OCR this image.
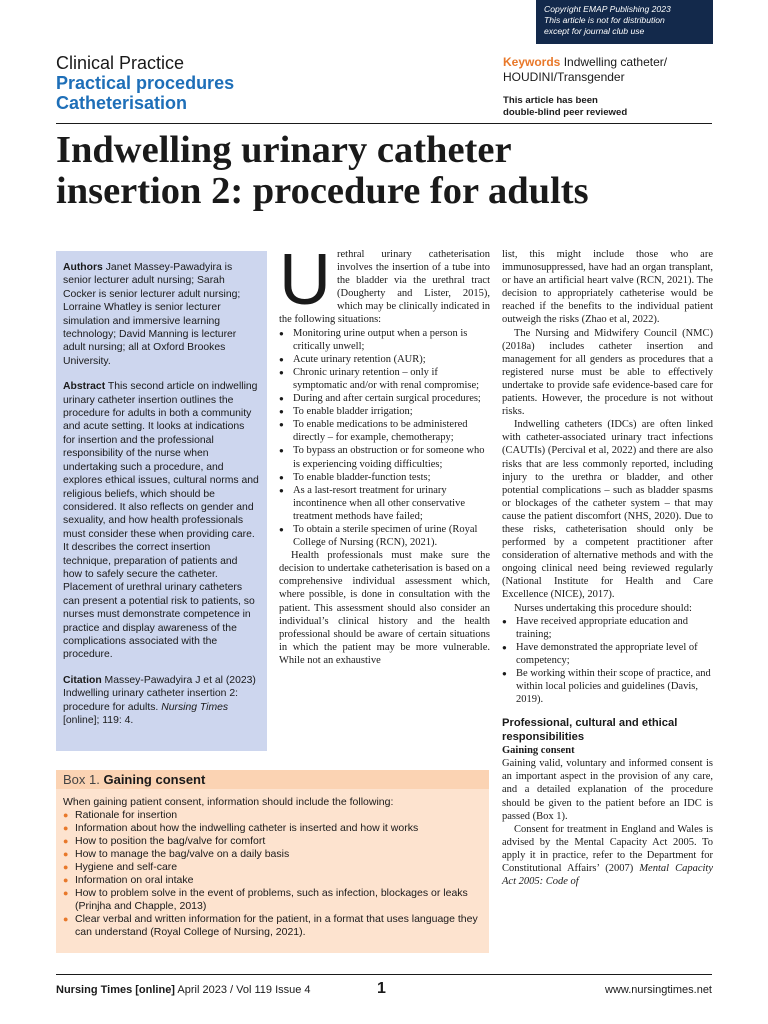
Copyright EMAP Publishing 2023
This article is not for distribution
except for journal club use
Clinical Practice
Practical procedures
Catheterisation
Keywords Indwelling catheter/ HOUDINI/Transgender
This article has been
double-blind peer reviewed
Indwelling urinary catheter
insertion 2: procedure for adults

Authors Janet Massey-Pawadyira is senior lecturer adult nursing; Sarah Cocker is senior lecturer adult nursing; Lorraine Whatley is senior lecturer simulation and immersive learning technology; David Manning is lecturer adult nursing; all at Oxford Brookes University.

Abstract This second article on indwelling urinary catheter insertion outlines the procedure for adults in both a community and acute setting. It looks at indications for insertion and the professional responsibility of the nurse when undertaking such a procedure, and explores ethical issues, cultural norms and religious beliefs, which should be considered. It also reflects on gender and sexuality, and how health professionals must consider these when providing care. It describes the correct insertion technique, preparation of patients and how to safely secure the catheter. Placement of urethral urinary catheters can present a potential risk to patients, so nurses must demonstrate competence in practice and display awareness of the complications associated with the procedure.

Citation Massey-Pawadyira J et al (2023) Indwelling urinary catheter insertion 2: procedure for adults. Nursing Times [online]; 119: 4.

Urethral urinary catheterisation involves the insertion of a tube into the bladder via the urethral tract (Dougherty and Lister, 2015), which may be clinically indicated in the following situations:

● Monitoring urine output when a person is critically unwell;
● Acute urinary retention (AUR);
● Chronic urinary retention – only if symptomatic and/or with renal compromise;
● During and after certain surgical procedures;
● To enable bladder irrigation;
● To enable medications to be administered directly – for example, chemotherapy;
● To bypass an obstruction or for someone who is experiencing voiding difficulties;
● To enable bladder-function tests;
● As a last-resort treatment for urinary incontinence when all other conservative treatment methods have failed;
● To obtain a sterile specimen of urine (Royal College of Nursing (RCN), 2021).

Health professionals must make sure the decision to undertake catheterisation is based on a comprehensive individual assessment which, where possible, is done in consultation with the patient. This assessment should also consider an individual’s clinical history and the health professional should be aware of certain situations in which the patient may be more vulnerable. While not an exhaustive

list, this might include those who are immunosuppressed, have had an organ transplant, or have an artificial heart valve (RCN, 2021). The decision to appropriately catheterise would be reached if the benefits to the individual patient outweigh the risks (Zhao et al, 2022).

The Nursing and Midwifery Council (NMC) (2018a) includes catheter insertion and management for all genders as procedures that a registered nurse must be able to effectively undertake to provide safe evidence-based care for patients. However, the procedure is not without risks.

Indwelling catheters (IDCs) are often linked with catheter-associated urinary tract infections (CAUTIs) (Percival et al, 2022) and there are also risks that are less commonly reported, including injury to the urethra or bladder, and other potential complications – such as bladder spasms or blockages of the catheter system – that may cause the patient discomfort (NHS, 2020). Due to these risks, catheterisation should only be performed by a competent practitioner after consideration of alternative methods and with the ongoing clinical need being reviewed regularly (National Institute for Health and Care Excellence (NICE), 2017).

Nurses undertaking this procedure should:

● Have received appropriate education and training;
● Have demonstrated the appropriate level of competency;
● Be working within their scope of practice, and within local policies and guidelines (Davis, 2019).
Professional, cultural and ethical responsibilities
Gaining consent

Gaining valid, voluntary and informed consent is an important aspect in the provision of any care, and a detailed explanation of the procedure should be given to the patient before an IDC is passed (Box 1).

Consent for treatment in England and Wales is advised by the Mental Capacity Act 2005. To apply it in practice, refer to the Department for Constitutional Affairs’ (2007) Mental Capacity Act 2005: Code of

Box 1. Gaining consent

When gaining patient consent, information should include the following:

● Rationale for insertion
● Information about how the indwelling catheter is inserted and how it works
● How to position the bag/valve for comfort
● How to manage the bag/valve on a daily basis
● Hygiene and self-care
● Information on oral intake
● How to problem solve in the event of problems, such as infection, blockages or leaks (Prinjha and Chapple, 2013)
● Clear verbal and written information for the patient, in a format that uses language they can understand (Royal College of Nursing, 2021).
Nursing Times [online] April 2023 / Vol 119 Issue 4	1	www.nursingtimes.net
